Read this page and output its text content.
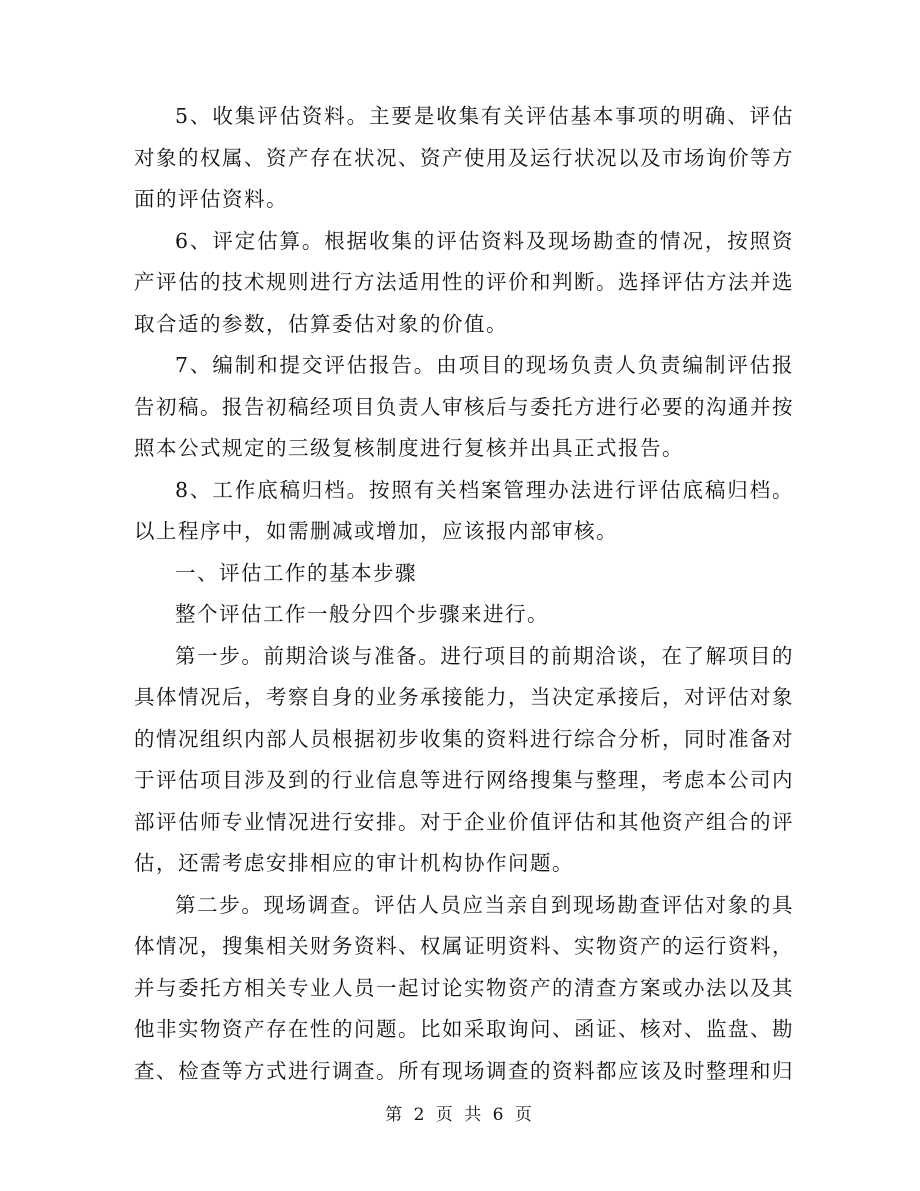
5、收集评估资料。主要是收集有关评估基本事项的明确、评估对象的权属、资产存在状况、资产使用及运行状况以及市场询价等方面的评估资料。

6、评定估算。根据收集的评估资料及现场勘查的情况，按照资产评估的技术规则进行方法适用性的评价和判断。选择评估方法并选取合适的参数，估算委估对象的价值。

7、编制和提交评估报告。由项目的现场负责人负责编制评估报告初稿。报告初稿经项目负责人审核后与委托方进行必要的沟通并按照本公式规定的三级复核制度进行复核并出具正式报告。

8、工作底稿归档。按照有关档案管理办法进行评估底稿归档。以上程序中，如需删减或增加，应该报内部审核。

一、评估工作的基本步骤

整个评估工作一般分四个步骤来进行。

第一步。前期洽谈与准备。进行项目的前期洽谈，在了解项目的具体情况后，考察自身的业务承接能力，当决定承接后，对评估对象的情况组织内部人员根据初步收集的资料进行综合分析，同时准备对于评估项目涉及到的行业信息等进行网络搜集与整理，考虑本公司内部评估师专业情况进行安排。对于企业价值评估和其他资产组合的评估，还需考虑安排相应的审计机构协作问题。

第二步。现场调查。评估人员应当亲自到现场勘查评估对象的具体情况，搜集相关财务资料、权属证明资料、实物资产的运行资料，并与委托方相关专业人员一起讨论实物资产的清查方案或办法以及其他非实物资产存在性的问题。比如采取询问、函证、核对、监盘、勘查、检查等方式进行调查。所有现场调查的资料都应该及时整理和归

第 2 页 共 6 页
